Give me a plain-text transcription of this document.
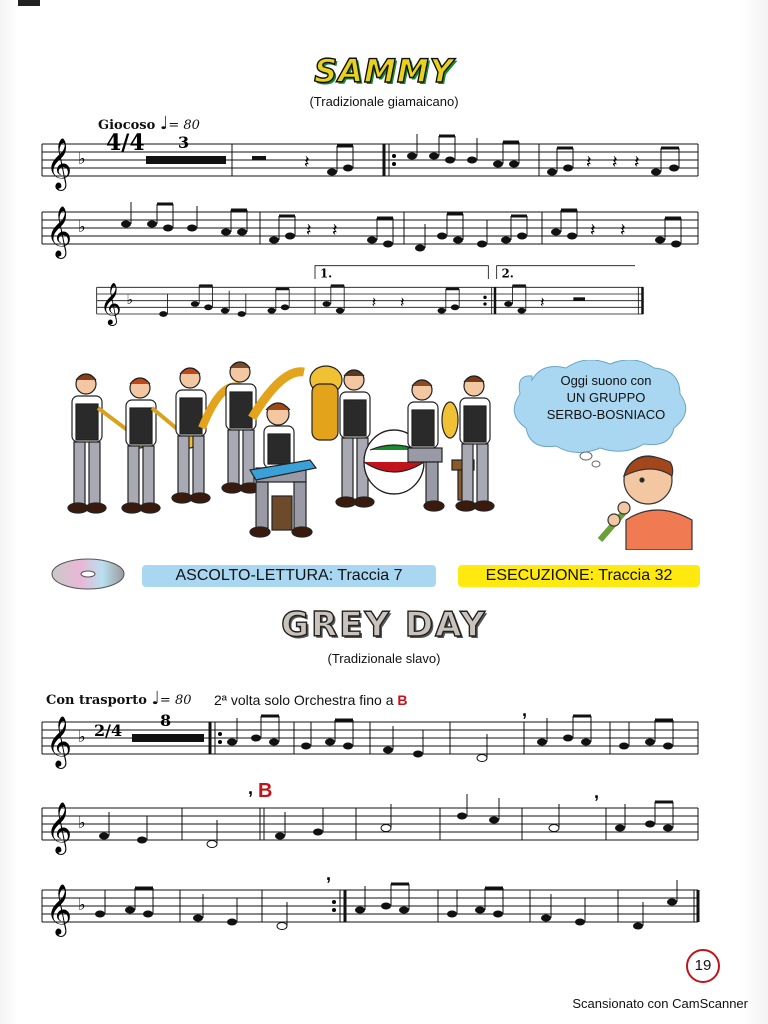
SAMMY
(Tradizionale giamaicano)
Giocoso ♩= 80
𝄞 ♭
4/4 3
𝄽	𝄽 𝄽 𝄽
𝄞 ♭	𝄽 𝄽	𝄽 𝄽
1.	2.
𝄞 ♭	𝄽 𝄽	𝄽
Oggi suono con
UN GRUPPO
SERBO-BOSNIACO
ASCOLTO-LETTURA: Traccia 7	ESECUZIONE: Traccia 32
GREY DAY
(Tradizionale slavo)
Con trasporto ♩= 80 2ª volta solo Orchestra fino a B
𝄞 ♭ 2/4
8
,
𝄞 ♭
,	,
B
,
𝄞 ♭
19
Scansionato con CamScanner
